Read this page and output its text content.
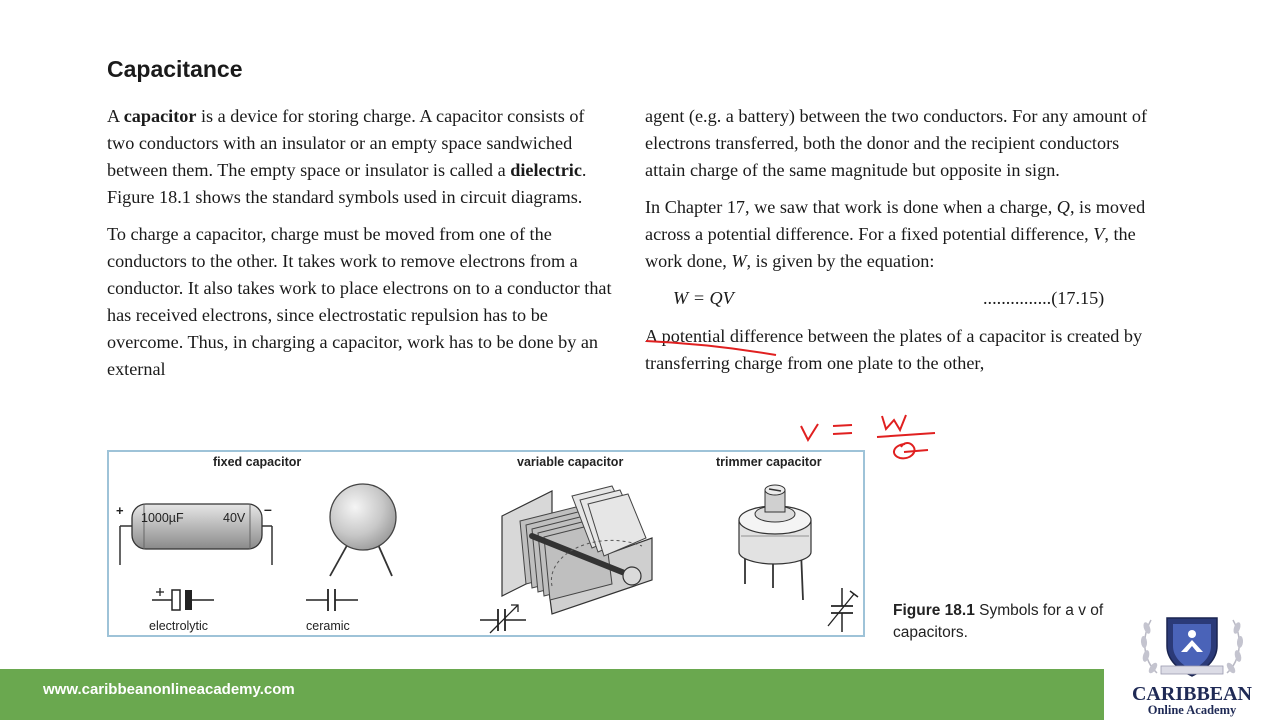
Capacitance

A capacitor is a device for storing charge. A capacitor consists of two conductors with an insulator or an empty space sandwiched between them. The empty space or insulator is called a dielectric. Figure 18.1 shows the standard symbols used in circuit diagrams.

To charge a capacitor, charge must be moved from one of the conductors to the other. It takes work to remove electrons from a conductor. It also takes work to place electrons on to a conductor that has received electrons, since electrostatic repulsion has to be overcome. Thus, in charging a capacitor, work has to be done by an external

agent (e.g. a battery) between the two conductors. For any amount of electrons transferred, both the donor and the recipient conductors attain charge of the same magnitude but opposite in sign.

In Chapter 17, we saw that work is done when a charge, Q, is moved across a potential difference. For a fixed potential difference, V, the work done, W, is given by the equation:

W = QV	...............(17.15)

A potential difference between the plates of a capacitor is created by transferring charge from one plate to the other,

fixed capacitor	variable capacitor	trimmer capacitor
+	–
1000µF	40V
electrolytic	ceramic
Figure 18.1 Symbols for a v of capacitors.
www.caribbeanonlineacademy.com	CARIBBEAN
Online Academy
